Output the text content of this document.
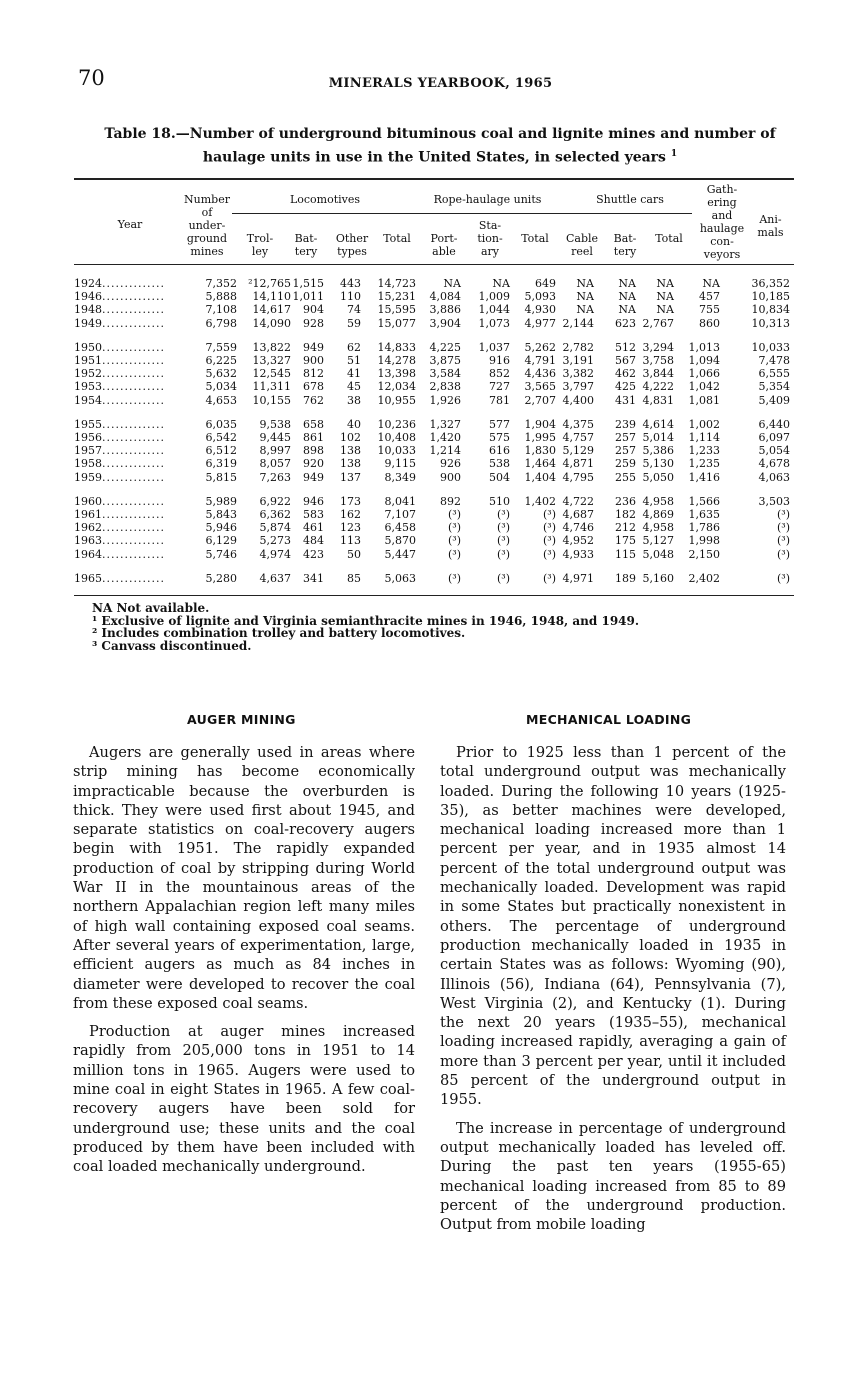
70	MINERALS YEARBOOK, 1965
Table 18.—Number of underground bituminous coal and lignite mines and number of
haulage units in use in the United States, in selected years $^1$
Year
Number
of
under-
ground
mines
Locomotives	Rope-haulage units	Shuttle cars
Gath-
ering
and
haulage
con-
veyors
Ani-
mals
Trol-
ley
Bat-
tery
Other
types
Total	Port-
able
Sta-
tion-
ary
Total	Cable
reel
Bat-
tery
Total
1924..............	7,352 ²12,765 1,515 443 14,723 NA	NA 649 NA NA NA	NA	36,352
1946..............	5,888 14,110 1,011 110 15,231 4,084 1,009 5,093 NA NA NA 457	10,185
1948..............	7,108 14,617 904 74 15,595 3,886 1,044 4,930 NA NA NA 755	10,834
1949..............	6,798 14,090 928 59 15,077 3,904 1,073 4,977 2,144 623 2,767 860	10,313
1950..............	7,559 13,822 949 62 14,833 4,225 1,037 5,262 2,782 512 3,294 1,013	10,033
1951..............	6,225 13,327 900 51 14,278 3,875	916 4,791 3,191 567 3,758 1,094	7,478
1952..............	5,632 12,545 812 41 13,398 3,584	852 4,436 3,382 462 3,844 1,066	6,555
1953..............	5,034 11,311 678 45 12,034 2,838	727 3,565 3,797 425 4,222 1,042	5,354
1954..............	4,653 10,155 762 38 10,955 1,926	781 2,707 4,400 431 4,831 1,081	5,409
1955..............	6,035 9,538 658 40 10,236 1,327	577 1,904 4,375 239 4,614 1,002	6,440
1956..............	6,542 9,445 861 102 10,408 1,420	575 1,995 4,757 257 5,014 1,114	6,097
1957..............	6,512 8,997 898 138 10,033 1,214	616 1,830 5,129 257 5,386 1,233	5,054
1958..............	6,319 8,057 920 138 9,115 926	538 1,464 4,871 259 5,130 1,235	4,678
1959..............	5,815 7,263 949 137 8,349 900	504 1,404 4,795 255 5,050 1,416	4,063
1960..............	5,989 6,922 946 173 8,041 892	510 1,402 4,722 236 4,958 1,566	3,503
1961..............	5,843 6,362 583 162 7,107	(³)	(³)	(³) 4,687 182 4,869 1,635	(³)
1962..............	5,946 5,874 461 123 6,458	(³)	(³)	(³) 4,746 212 4,958 1,786	(³)
1963..............	6,129 5,273 484 113 5,870	(³)	(³)	(³) 4,952 175 5,127 1,998	(³)
1964..............	5,746 4,974 423 50 5,447	(³)	(³)	(³) 4,933 115 5,048 2,150	(³)
1965..............	5,280 4,637 341 85 5,063	(³)	(³)	(³) 4,971 189 5,160 2,402	(³)
NA Not available.
¹ Exclusive of lignite and Virginia semianthracite mines in 1946, 1948, and 1949.
² Includes combination trolley and battery locomotives.
³ Canvass discontinued.
AUGER MINING	MECHANICAL LOADING

Augers are generally used in areas where strip mining has become economically impracticable because the overburden is thick. They were used first about 1945, and separate statistics on coal-recovery augers begin with 1951. The rapidly expanded production of coal by stripping during World War II in the mountainous areas of the northern Appalachian region left many miles of high wall containing exposed coal seams. After several years of experimentation, large, efficient augers as much as 84 inches in diameter were developed to recover the coal from these exposed coal seams.

Production at auger mines increased rapidly from 205,000 tons in 1951 to 14 million tons in 1965. Augers were used to mine coal in eight States in 1965. A few coal-recovery augers have been sold for underground use; these units and the coal produced by them have been included with coal loaded mechanically underground.

Prior to 1925 less than 1 percent of the total underground output was mechanically loaded. During the following 10 years (1925-35), as better machines were developed, mechanical loading increased more than 1 percent per year, and in 1935 almost 14 percent of the total underground output was mechanically loaded. Development was rapid in some States but practically nonexistent in others. The percentage of underground production mechanically loaded in 1935 in certain States was as follows: Wyoming (90), Illinois (56), Indiana (64), Pennsylvania (7), West Virginia (2), and Kentucky (1). During the next 20 years (1935–55), mechanical loading increased rapidly, averaging a gain of more than 3 percent per year, until it included 85 percent of the underground output in 1955.

The increase in percentage of underground output mechanically loaded has leveled off. During the past ten years (1955-65) mechanical loading increased from 85 to 89 percent of the underground production. Output from mobile loading
